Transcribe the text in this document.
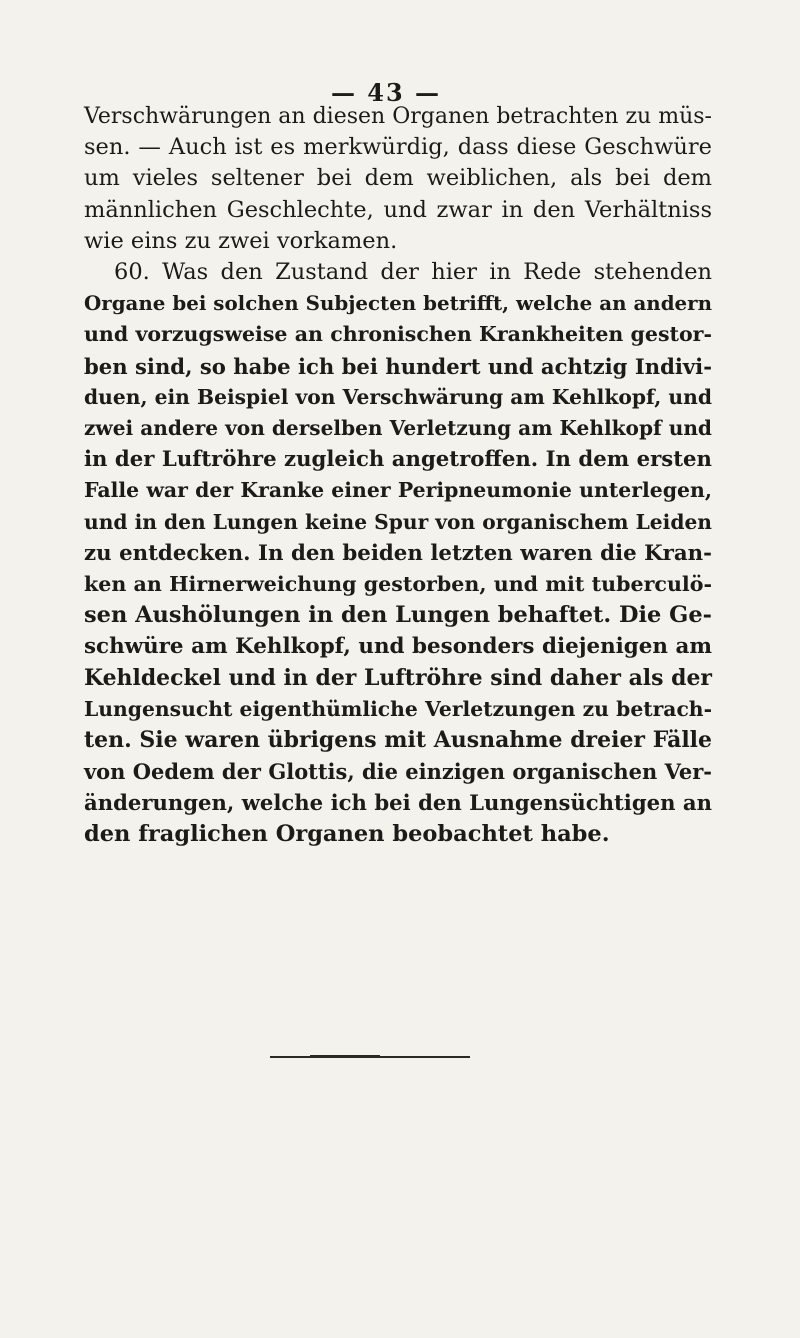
— 43 —
Verschwärungen an diesen Organen betrachten zu müs-
sen. — Auch ist es merkwürdig, dass diese Geschwüre
um vieles seltener bei dem weiblichen, als bei dem
männlichen Geschlechte, und zwar in den Verhältniss
wie eins zu zwei vorkamen.
60. Was den Zustand der hier in Rede stehenden
Organe bei solchen Subjecten betrifft, welche an andern
und vorzugsweise an chronischen Krankheiten gestor-
ben sind, so habe ich bei hundert und achtzig Indivi-
duen, ein Beispiel von Verschwärung am Kehlkopf, und
zwei andere von derselben Verletzung am Kehlkopf und
in der Luftröhre zugleich angetroffen. In dem ersten
Falle war der Kranke einer Peripneumonie unterlegen,
und in den Lungen keine Spur von organischem Leiden
zu entdecken. In den beiden letzten waren die Kran-
ken an Hirnerweichung gestorben, und mit tuberculö-
sen Aushölungen in den Lungen behaftet. Die Ge-
schwüre am Kehlkopf, und besonders diejenigen am
Kehldeckel und in der Luftröhre sind daher als der
Lungensucht eigenthümliche Verletzungen zu betrach-
ten. Sie waren übrigens mit Ausnahme dreier Fälle
von Oedem der Glottis, die einzigen organischen Ver-
änderungen, welche ich bei den Lungensüchtigen an
den fraglichen Organen beobachtet habe.
